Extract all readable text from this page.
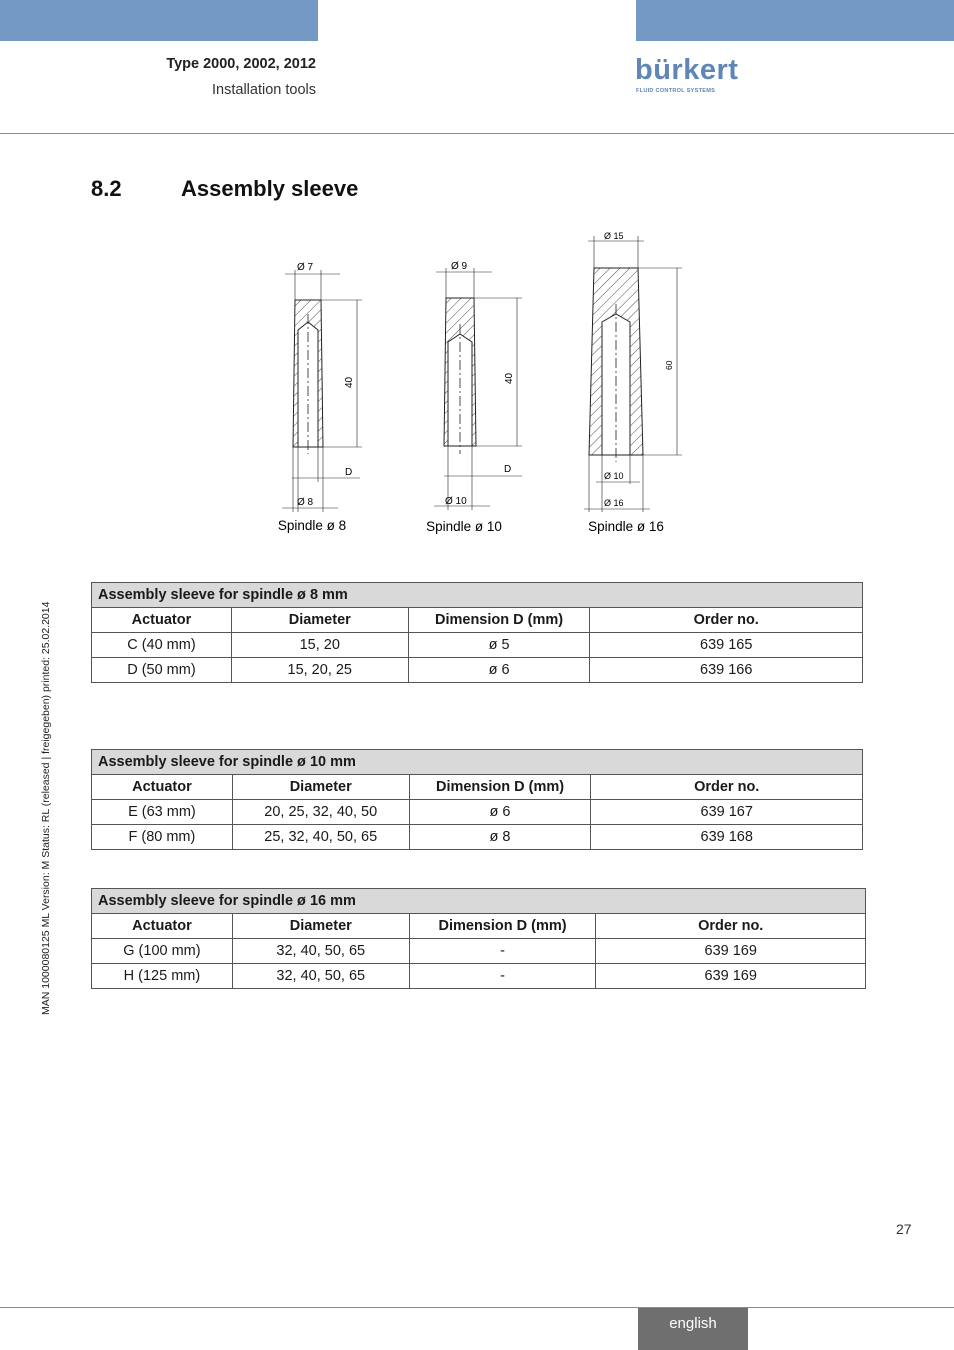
Type 2000, 2002, 2012
Installation tools
bürkert
FLUID CONTROL SYSTEMS
8.2	Assembly sleeve
Ø 7
40
D
Ø 8
Spindle ø 8
Ø 9
40
D
Ø 10
Spindle ø 10
Ø 15
60
Ø 10
Ø 16
Spindle ø 16
Assembly sleeve for spindle ø 8 mm			
Actuator	Diameter	Dimension D (mm)	Order no.
C (40 mm)	15, 20	ø 5	639 165
D (50 mm)	15, 20, 25	ø 6	639 166
Assembly sleeve for spindle ø 10 mm			
Actuator	Diameter	Dimension D (mm)	Order no.
E (63 mm)	20, 25, 32, 40, 50	ø 6	639 167
F (80 mm)	25, 32, 40, 50, 65	ø 8	639 168
Assembly sleeve for spindle ø 16 mm			
Actuator	Diameter	Dimension D (mm)	Order no.
G (100 mm)	32, 40, 50, 65	-	639 169
H (125 mm)	32, 40, 50, 65	-	639 169
MAN 1000080125 ML Version: M Status: RL (released | freigegeben) printed: 25.02.2014
27
english
